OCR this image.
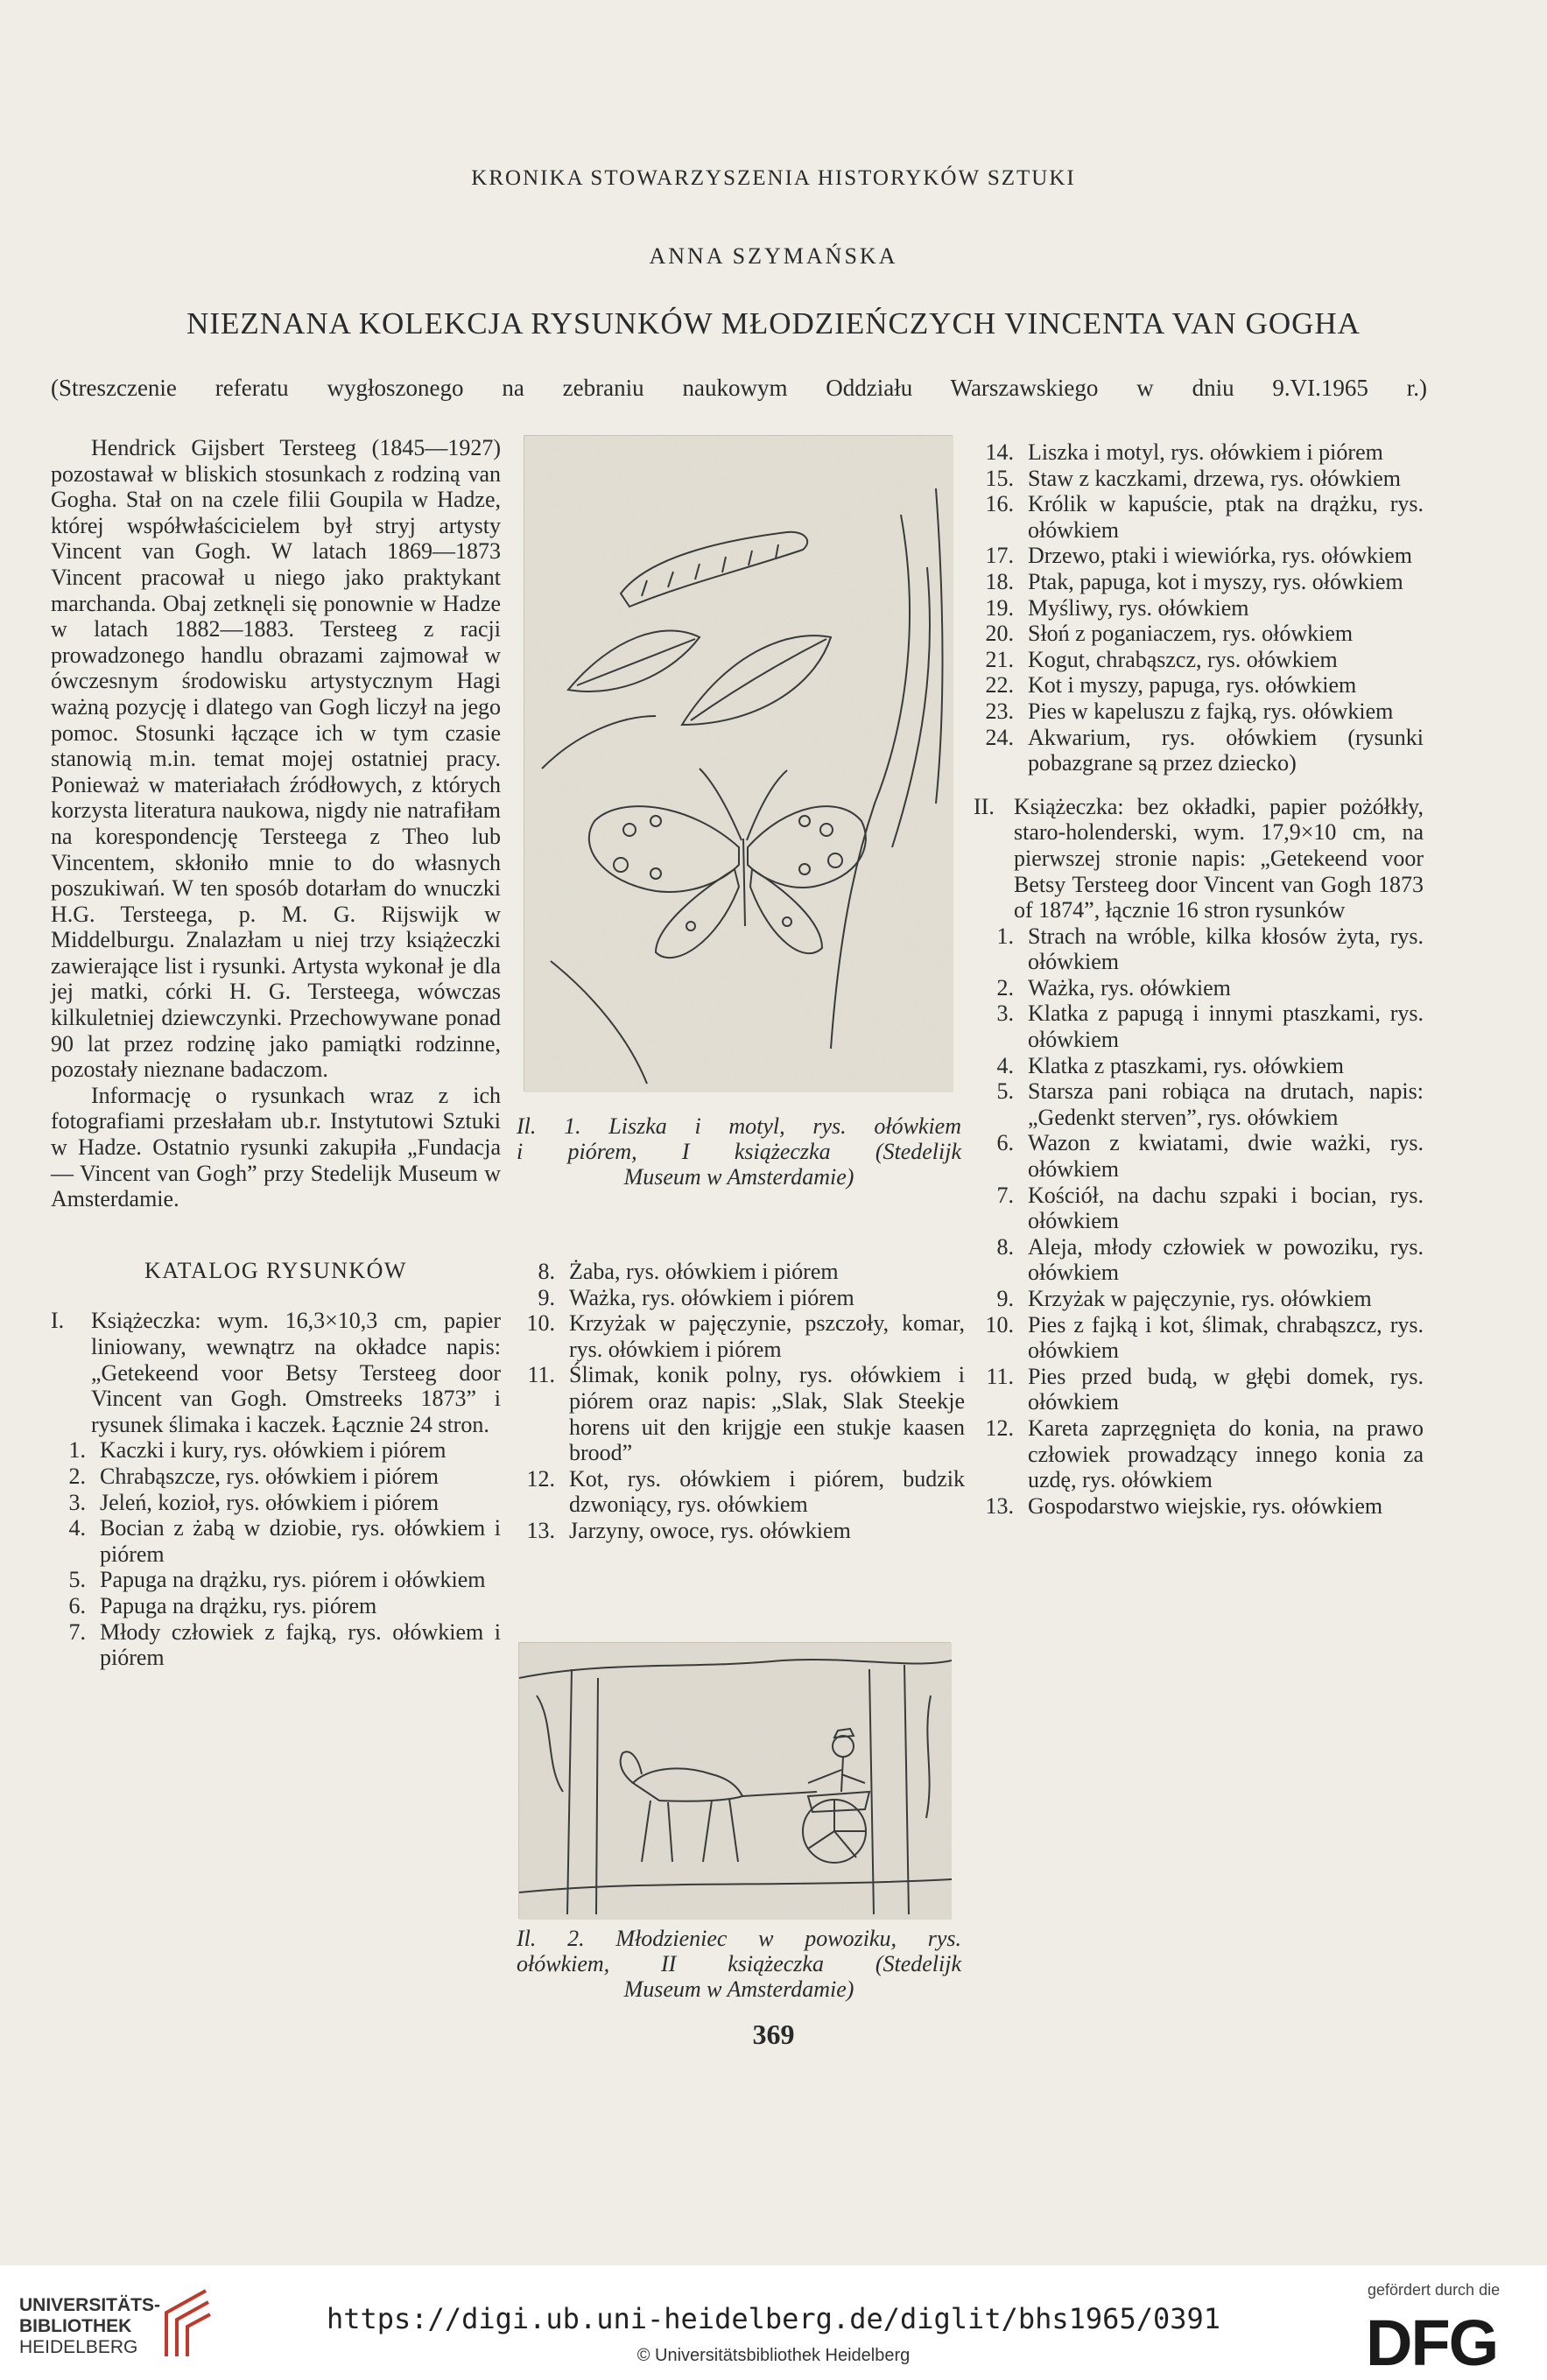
KRONIKA STOWARZYSZENIA HISTORYKÓW SZTUKI
ANNA SZYMAŃSKA
NIEZNANA KOLEKCJA RYSUNKÓW MŁODZIEŃCZYCH VINCENTA VAN GOGHA
(Streszczenie referatu wygłoszonego na zebraniu naukowym Oddziału Warszawskiego w dniu 9.VI.1965 r.)

Hendrick Gijsbert Tersteeg (1845—1927) pozostawał w bliskich stosunkach z rodziną van Gogha. Stał on na czele filii Goupila w Hadze, której współwłaścicielem był stryj artysty Vincent van Gogh. W latach 1869—1873 Vincent pracował u niego jako praktykant marchanda. Obaj zetknęli się ponownie w Hadze w latach 1882—1883. Tersteeg z racji prowadzonego handlu obrazami zajmował w ówczesnym środowisku artystycznym Hagi ważną pozycję i dlatego van Gogh liczył na jego pomoc. Stosunki łączące ich w tym czasie stanowią m.in. temat mojej ostatniej pracy. Ponieważ w materiałach źródłowych, z których korzysta literatura naukowa, nigdy nie natrafiłam na korespondencję Tersteega z Theo lub Vincentem, skłoniło mnie to do własnych poszukiwań. W ten sposób dotarłam do wnuczki H.G. Tersteega, p. M. G. Rijswijk w Middelburgu. Znalazłam u niej trzy książeczki zawierające list i rysunki. Artysta wykonał je dla jej matki, córki H. G. Tersteega, wówczas kilkuletniej dziewczynki. Przechowywane ponad 90 lat przez rodzinę jako pamiątki rodzinne, pozostały nieznane badaczom.

Informację o rysunkach wraz z ich fotografiami przesłałam ub.r. Instytutowi Sztuki w Hadze. Ostatnio rysunki zakupiła „Fundacja — Vincent van Gogh” przy Stedelijk Museum w Amsterdamie.

KATALOG RYSUNKÓW
I.	Książeczka: wym. 16,3×10,3 cm, papier liniowany, wewnątrz na okładce napis: „Getekeend voor Betsy Tersteeg door Vincent van Gogh. Omstreeks 1873” i rysunek ślimaka i kaczek. Łącznie 24 stron.
1. Kaczki i kury, rys. ołówkiem i piórem
2. Chrabąszcze, rys. ołówkiem i piórem
3. Jeleń, kozioł, rys. ołówkiem i piórem
4. Bocian z żabą w dziobie, rys. ołówkiem i piórem
5. Papuga na drążku, rys. piórem i ołówkiem
6. Papuga na drążku, rys. piórem
7. Młody człowiek z fajką, rys. ołówkiem i piórem
Il. 1. Liszka i motyl, rys. ołówkiem
i piórem, I książeczka (Stedelijk
Museum w Amsterdamie)
8. Żaba, rys. ołówkiem i piórem
9. Ważka, rys. ołówkiem i piórem
10. Krzyżak w pajęczynie, pszczoły, komar, rys. ołówkiem i piórem
11. Ślimak, konik polny, rys. ołówkiem i piórem oraz napis: „Slak, Slak Steekje horens uit den krijgje een stukje kaasen brood”
12. Kot, rys. ołówkiem i piórem, budzik dzwoniący, rys. ołówkiem
13. Jarzyny, owoce, rys. ołówkiem
Il. 2. Młodzieniec w powoziku, rys.
ołówkiem, II książeczka (Stedelijk
Museum w Amsterdamie)
14. Liszka i motyl, rys. ołówkiem i piórem
15. Staw z kaczkami, drzewa, rys. ołówkiem
16. Królik w kapuście, ptak na drążku, rys. ołówkiem
17. Drzewo, ptaki i wiewiórka, rys. ołówkiem
18. Ptak, papuga, kot i myszy, rys. ołówkiem
19. Myśliwy, rys. ołówkiem
20. Słoń z poganiaczem, rys. ołówkiem
21. Kogut, chrabąszcz, rys. ołówkiem
22. Kot i myszy, papuga, rys. ołówkiem
23. Pies w kapeluszu z fajką, rys. ołówkiem
24. Akwarium, rys. ołówkiem (rysunki pobazgrane są przez dziecko)
II. Książeczka: bez okładki, papier pożółkły, staro-holenderski, wym. 17,9×10 cm, na pierwszej stronie napis: „Getekeend voor Betsy Tersteeg door Vincent van Gogh 1873 of 1874”, łącznie 16 stron rysunków
1. Strach na wróble, kilka kłosów żyta, rys. ołówkiem
2. Ważka, rys. ołówkiem
3. Klatka z papugą i innymi ptaszkami, rys. ołówkiem
4. Klatka z ptaszkami, rys. ołówkiem
5. Starsza pani robiąca na drutach, napis: „Gedenkt sterven”, rys. ołówkiem
6. Wazon z kwiatami, dwie ważki, rys. ołówkiem
7. Kościół, na dachu szpaki i bocian, rys. ołówkiem
8. Aleja, młody człowiek w powoziku, rys. ołówkiem
9. Krzyżak w pajęczynie, rys. ołówkiem
10. Pies z fajką i kot, ślimak, chrabąszcz, rys. ołówkiem
11. Pies przed budą, w głębi domek, rys. ołówkiem
12. Kareta zaprzęgnięta do konia, na prawo człowiek prowadzący innego konia za uzdę, rys. ołówkiem
13. Gospodarstwo wiejskie, rys. ołówkiem
369
UNIVERSITÄTS-
BIBLIOTHEK
HEIDELBERG
https://digi.ub.uni-heidelberg.de/diglit/bhs1965/0391
© Universitätsbibliothek Heidelberg
gefördert durch die
DFG
